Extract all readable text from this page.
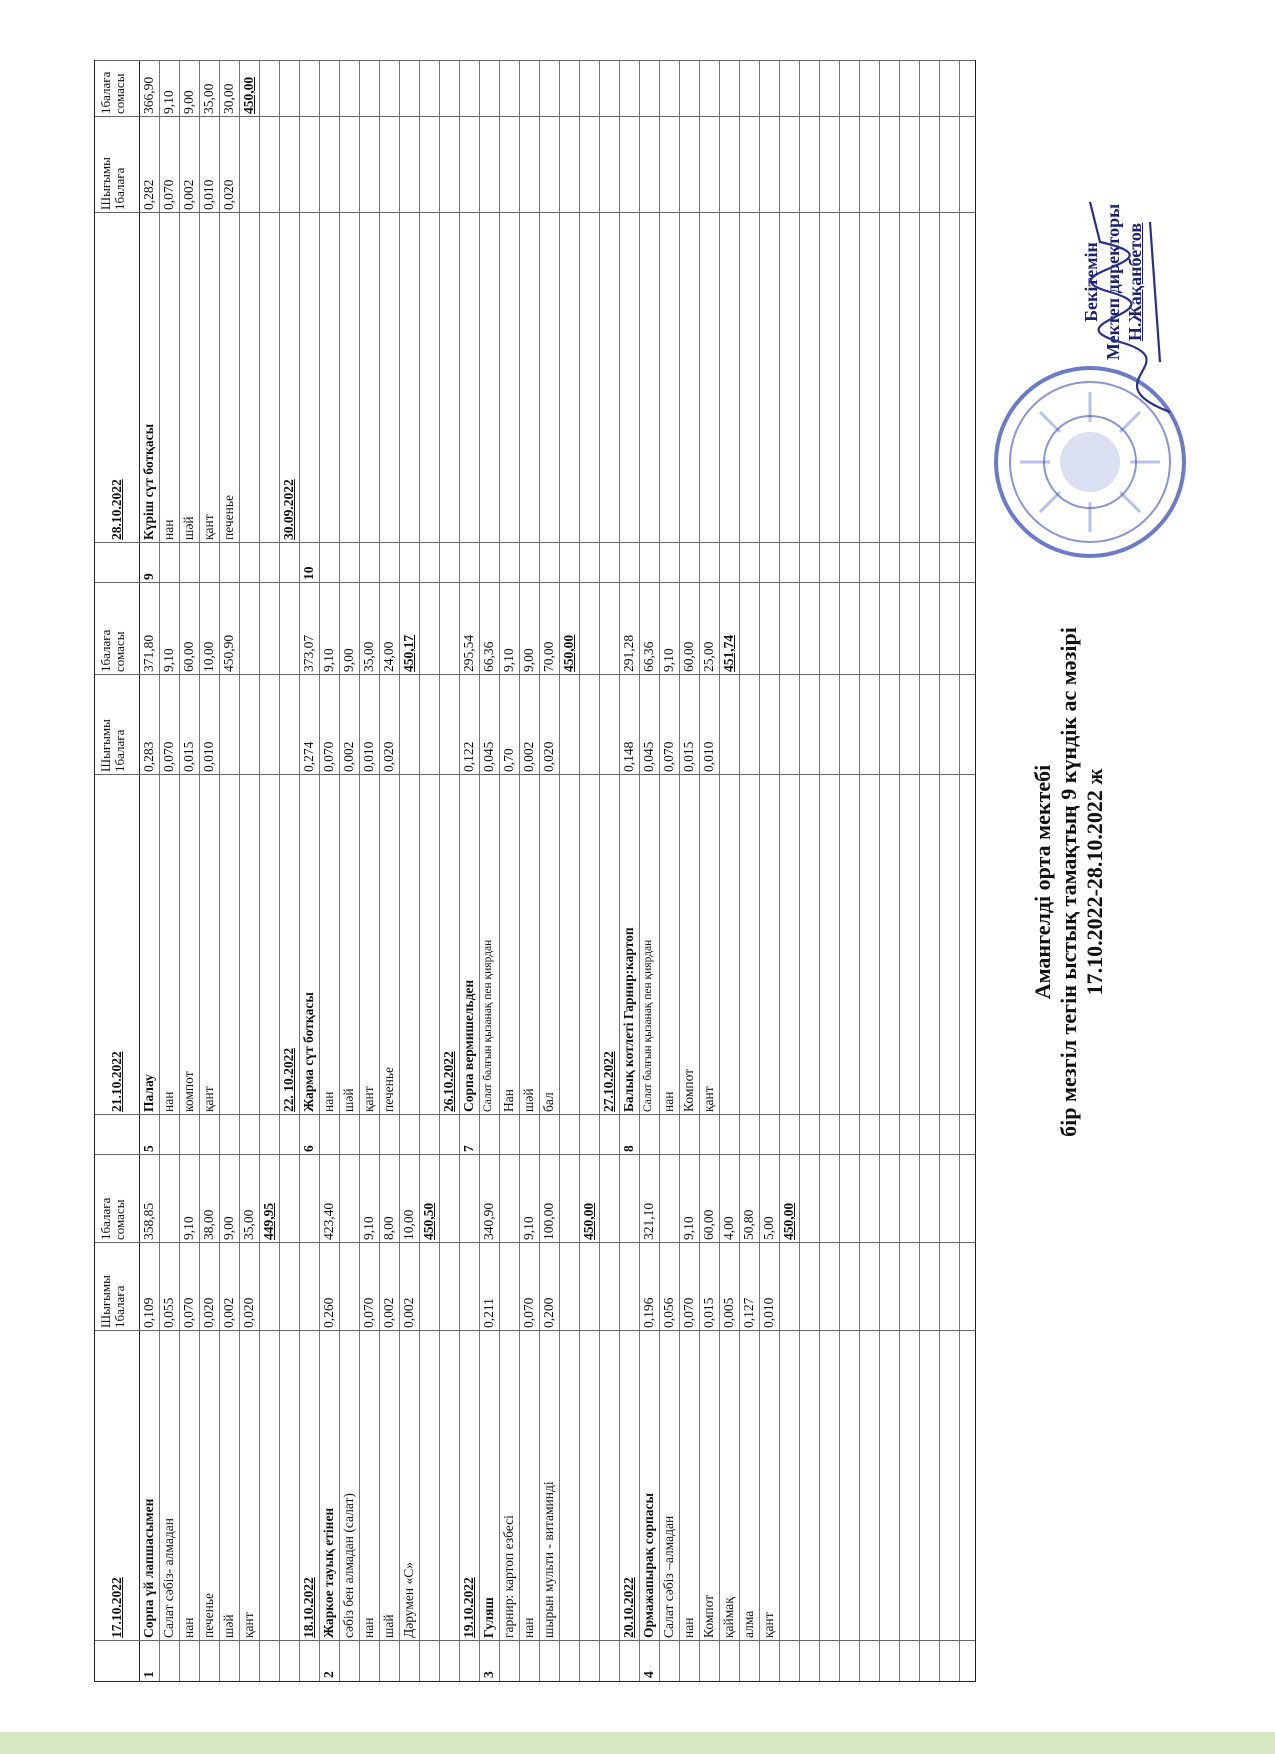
Амангелді орта мектебі бір мезгіл тегін ыстық тамақтың 9 күндік ас мәзірі 17.10.2022-28.10.2022 ж
Бекітемін Мектеп директоры Н.Жақанбетов
Шығымы 1балаға
1балаға сомасы
17.10.2022
1
Сорпа үй лапшасымен
0,109
358,85
Салат сәбіз- алмадан
0,055
нан
0,070
9,10
печенье
0,020
38,00
шәй
0,002
9,00
қант
0,020
35,00 449,95
18.10.2022
2
Жаркое тауық етінен
0,260
423,40
сәбіз бен алмадан (салат) нан
0,070
9,10
шай
0,002
8,00
Дәрумен «С»
0,002
10,00 450,50
19.10.2022
3
Гуляш
0,211
340,90
гарнир: картоп езбесі нан
0,070
9,10
шырын мульти - витаминді
0,200
100,00 450,00
20.10.2022
4
Ормажапырақ сорпасы
0,196
321,10
Салат сәбіз –алмадан
0,056
нан
0,070
9,10
Компот
0,015
60,00
қаймақ
0,005
4,00
алма
0,127
50,80
қант
0,010
5,00 450,00
Шығымы 1балаға
1балаға сомасы
21.10.2022
5
Палау
0,283
371,80
нан
0,070
9,10
компот
0,015
60,00
қант
0,010
10,00 450,90
22. 10.2022
6
Жарма сүт ботқасы
0,274
373,07
нан
0,070
9,10
шәй
0,002
9,00
қант
0,010
35,00
печенье
0,020
24,00 450,17
26.10.2022
7
Сорпа вермишельден
0,122
295,54
Салат балғын қызанақ пен қиярдан
0,045
66,36
Нан
0,70
9,10
шәй
0,002
9,00
бал
0,020
70,00 450,00
27.10.2022
8
Балық котлеті Гарнир:картоп
0,148
291,28
Салат балғын қызанақ пен қиярдан
0,045
66,36
нан
0,070
9,10
Компот
0,015
60,00
қант
0,010
25,00 451,74
Шығымы 1балаға
1балаға сомасы
28.10.2022
9
Күріш сүт ботқасы
0,282
366,90
нан
0,070
9,10
шәй
0,002
9,00
қант
0,010
35,00
печенье
0,020
30,00 450,00
30.09.2022
10
